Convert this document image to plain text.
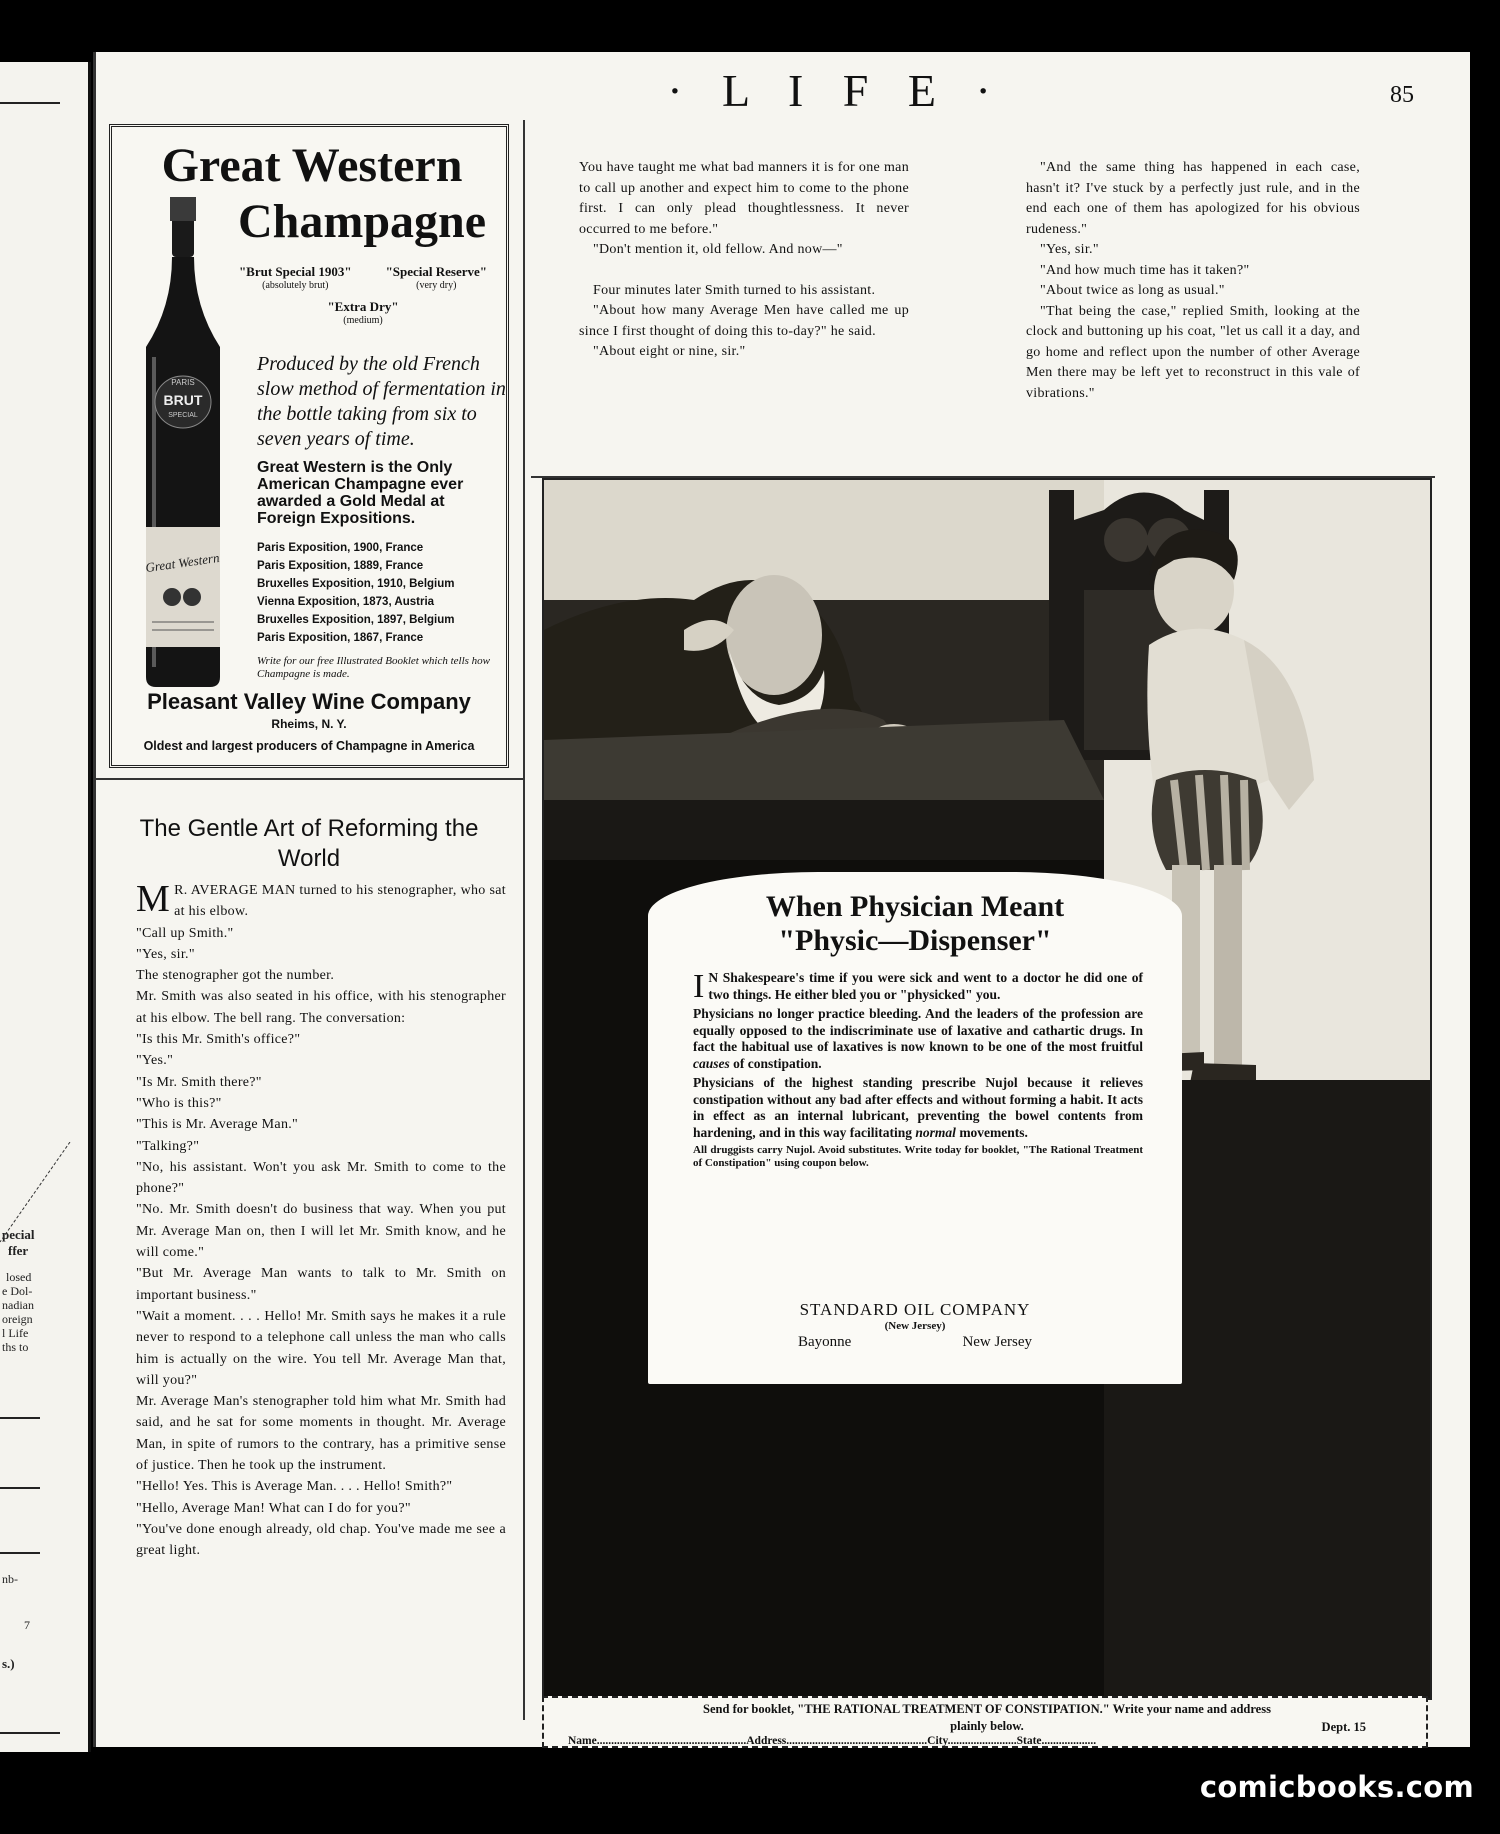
pecial
ffer
losed
e Dol-
nadian
oreign
l Life
ths to
nb-
7
s.)
· L I F E ·	85
Great Western
Champagne
PARIS
BRUT
SPECIAL
Great Western
"Brut Special 1903"
(absolutely brut)
"Special Reserve"
(very dry)
"Extra Dry"
(medium)
Produced by the old French slow method of fermentation in the bottle taking from six to seven years of time.
Great Western is the Only American Champagne ever awarded a Gold Medal at Foreign Expositions.
Paris Exposition, 1900, France
Paris Exposition, 1889, France
Bruxelles Exposition, 1910, Belgium
Vienna Exposition, 1873, Austria
Bruxelles Exposition, 1897, Belgium
Paris Exposition, 1867, France
Write for our free Illustrated Booklet which tells how Champagne is made.
Pleasant Valley Wine Company
Rheims, N. Y.
Oldest and largest producers of Champagne in America
The Gentle Art of Reforming the World

M R. AVERAGE MAN turned to his stenographer, who sat at his elbow.

"Call up Smith."

"Yes, sir."

The stenographer got the number.

Mr. Smith was also seated in his office, with his stenographer at his elbow. The bell rang. The conversation:

"Is this Mr. Smith's office?"

"Yes."

"Is Mr. Smith there?"

"Who is this?"

"This is Mr. Average Man."

"Talking?"

"No, his assistant. Won't you ask Mr. Smith to come to the phone?"

"No. Mr. Smith doesn't do business that way. When you put Mr. Average Man on, then I will let Mr. Smith know, and he will come."

"But Mr. Average Man wants to talk to Mr. Smith on important business."

"Wait a moment. . . . Hello! Mr. Smith says he makes it a rule never to respond to a telephone call unless the man who calls him is actually on the wire. You tell Mr. Average Man that, will you?"

Mr. Average Man's stenographer told him what Mr. Smith had said, and he sat for some moments in thought. Mr. Average Man, in spite of rumors to the contrary, has a primitive sense of justice. Then he took up the instrument.

"Hello! Yes. This is Average Man. . . . Hello! Smith?"

"Hello, Average Man! What can I do for you?"

"You've done enough already, old chap. You've made me see a great light.

You have taught me what bad manners it is for one man to call up another and expect him to come to the phone first. I can only plead thoughtlessness. It never occurred to me before."

"Don't mention it, old fellow. And now—"

Four minutes later Smith turned to his assistant.

"About how many Average Men have called me up since I first thought of doing this to-day?" he said.

"About eight or nine, sir."

"And the same thing has happened in each case, hasn't it? I've stuck by a perfectly just rule, and in the end each one of them has apologized for his obvious rudeness."

"Yes, sir."

"And how much time has it taken?"

"About twice as long as usual."

"That being the case," replied Smith, looking at the clock and buttoning up his coat, "let us call it a day, and go home and reflect upon the number of other Average Men there may be left yet to reconstruct in this vale of vibrations."

When Physician Meant
"Physic—Dispenser"

I N Shakespeare's time if you were sick and went to a doctor he did one of two things. He either bled you or "physicked" you.

Physicians no longer practice bleeding. And the leaders of the profession are equally opposed to the indiscriminate use of laxative and cathartic drugs. In fact the habitual use of laxatives is now known to be one of the most fruitful causes of constipation.

Physicians of the highest standing prescribe Nujol because it relieves constipation without any bad after effects and without forming a habit. It acts in effect as an internal lubricant, preventing the bowel contents from hardening, and in this way facilitating normal movements.

All druggists carry Nujol. Avoid substitutes. Write today for booklet, "The Rational Treatment of Constipation" using coupon below.

STANDARD OIL COMPANY
(New Jersey)
Bayonne	New Jersey
Send for booklet, "THE RATIONAL TREATMENT OF CONSTIPATION." Write your name and address
plainly below.	Dept. 15
Name....................................................Address.................................................City........................State...................
comicbooks.com
